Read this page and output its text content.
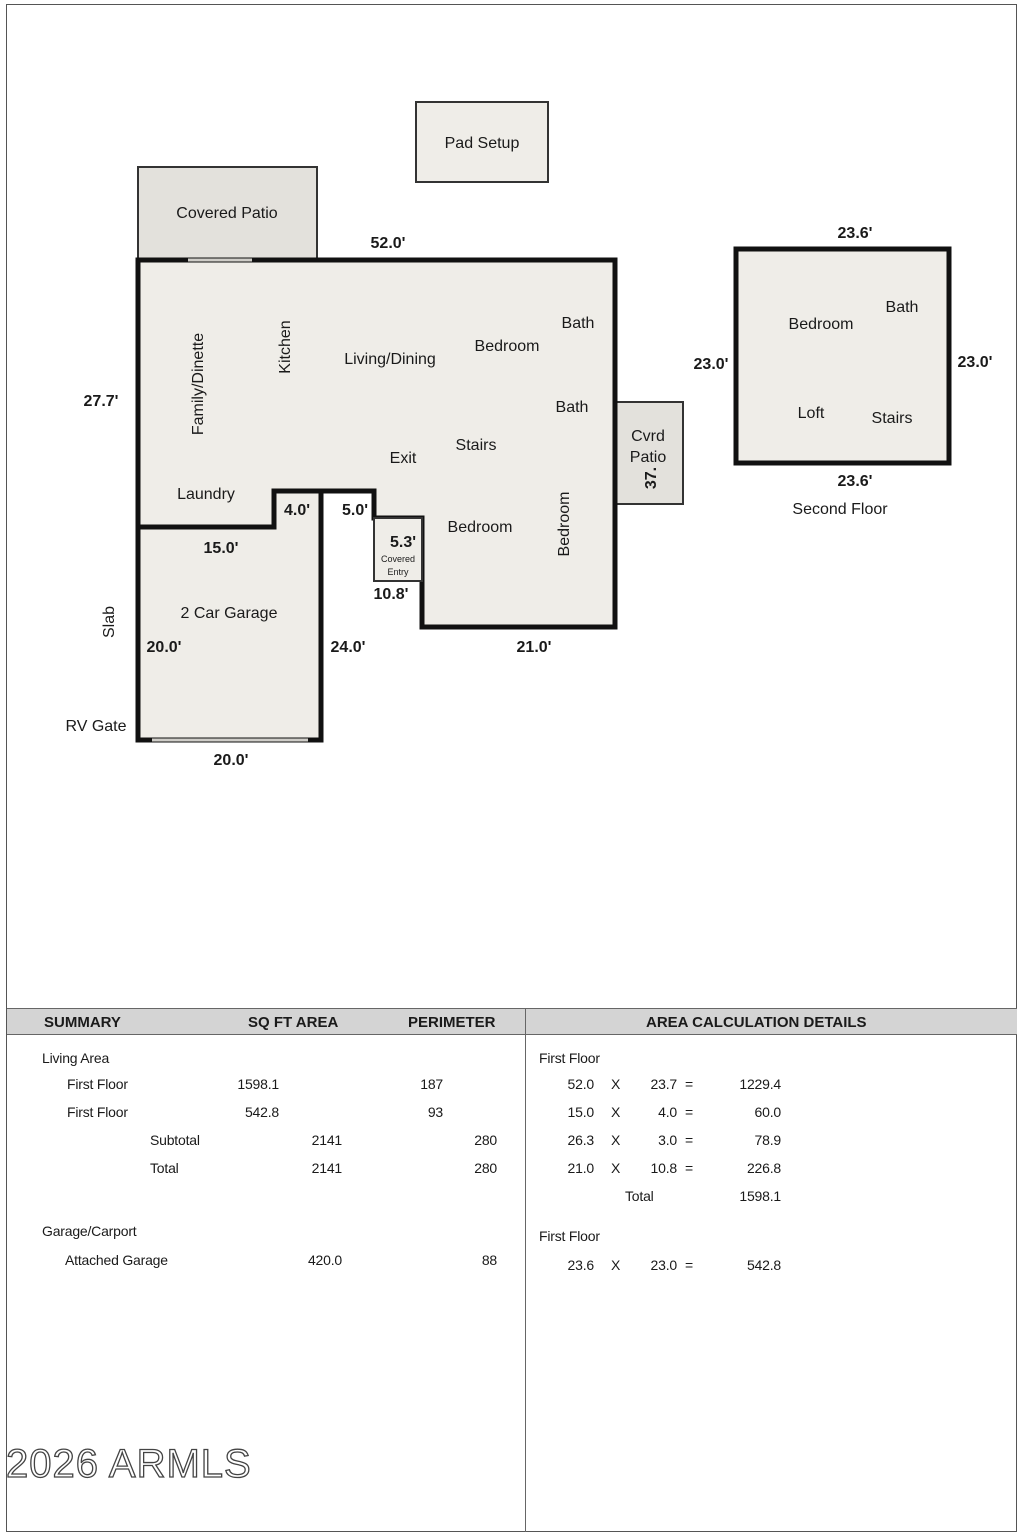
Pad Setup
Covered Patio
Cvrd
Patio
37.
5.3'
Covered
Entry
Family/Dinette	Kitchen	Living/Dining
Bedroom
Bath
Bath
Stairs
Exit
Laundry
Bedroom	Bedroom
2 Car Garage
Slab
RV Gate
Bedroom
Bath
Loft	Stairs
Second Floor
52.0'
27.7'
4.0' 5.0'
15.0'
10.8'
21.0'
24.0'
20.0'
20.0'
23.6'
23.6'
23.0'	23.0'
SUMMARY	SQ FT AREA	PERIMETER	AREA CALCULATION DETAILS
Living Area
First Floor	1598.1	187
First Floor	542.8	93
Subtotal	2141	280
Total	2141	280
Garage/Carport
Attached Garage	420.0	88
First Floor
52.0 X	23.7 =	1229.4
15.0 X	4.0 =	60.0
26.3 X	3.0 =	78.9
21.0 X	10.8 =	226.8
Total	1598.1
First Floor
23.6 X	23.0 =	542.8
2026 ARMLS
